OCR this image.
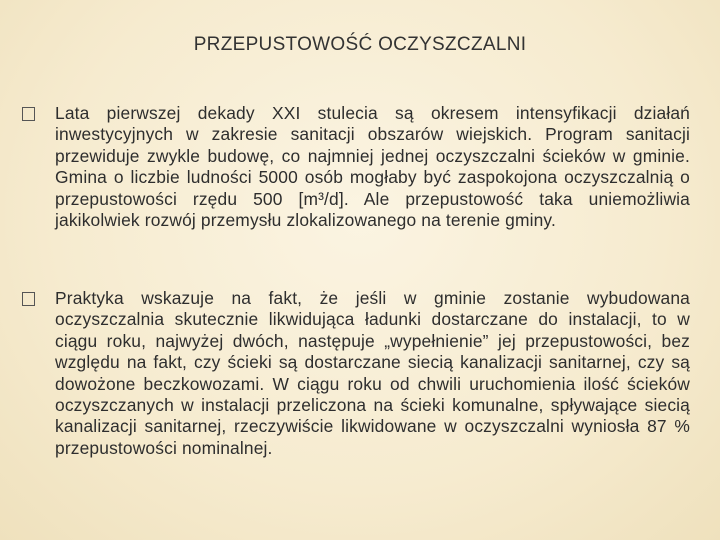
PRZEPUSTOWOŚĆ OCZYSZCZALNI
Lata pierwszej dekady XXI stulecia są okresem intensyfikacji działań inwestycyjnych w zakresie sanitacji obszarów wiejskich. Program sanitacji przewiduje zwykle budowę, co najmniej jednej oczyszczalni ścieków w gminie. Gmina o liczbie ludności 5000 osób mogłaby być zaspokojona oczyszczalnią o przepustowości rzędu 500 [m³/d]. Ale przepustowość taka uniemożliwia jakikolwiek rozwój przemysłu zlokalizowanego na terenie gminy.
Praktyka wskazuje na fakt, że jeśli w gminie zostanie wybudowana oczyszczalnia skutecznie likwidująca ładunki dostarczane do instalacji, to w ciągu roku, najwyżej dwóch, następuje „wypełnienie” jej przepustowości, bez względu na fakt, czy ścieki są dostarczane siecią kanalizacji sanitarnej, czy są dowożone beczkowozami. W ciągu roku od chwili uruchomienia ilość ścieków oczyszczanych w instalacji przeliczona na ścieki komunalne, spływające siecią kanalizacji sanitarnej, rzeczywiście likwidowane w oczyszczalni wyniosła 87 % przepustowości nominalnej.
